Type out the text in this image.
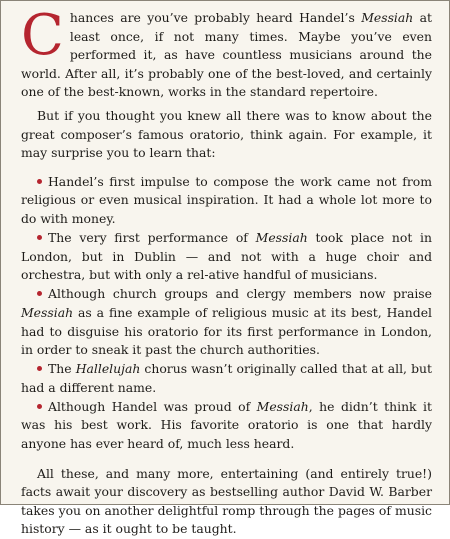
Chances are you’ve probably heard Handel’s Messiah at least once, if not many times. Maybe you’ve even performed it, as have countless musicians around the world. After all, it’s probably one of the best-loved, and certainly one of the best-known, works in the standard repertoire.

But if you thought you knew all there was to know about the great composer’s famous oratorio, think again. For example, it may surprise you to learn that:

Handel’s first impulse to compose the work came not from religious or even musical inspiration. It had a whole lot more to do with money.
The very first performance of Messiah took place not in London, but in Dublin — and not with a huge choir and orchestra, but with only a rel-ative handful of musicians.
Although church groups and clergy members now praise Messiah as a fine example of religious music at its best, Handel had to disguise his oratorio for its first performance in London, in order to sneak it past the church authorities.
The Hallelujah chorus wasn’t originally called that at all, but had a different name.
Although Handel was proud of Messiah, he didn’t think it was his best work. His favorite oratorio is one that hardly anyone has ever heard of, much less heard.

All these, and many more, entertaining (and entirely true!) facts await your discovery as bestselling author David W. Barber takes you on another delightful romp through the pages of music history — as it ought to be taught.
